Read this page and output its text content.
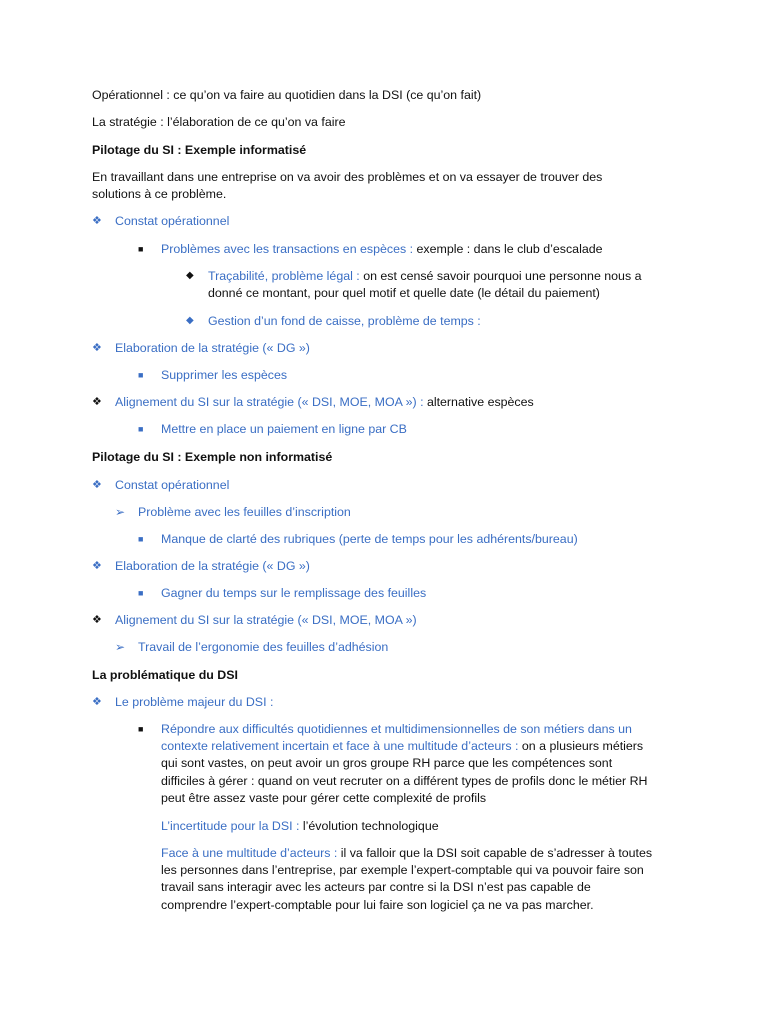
Opérationnel : ce qu’on va faire au quotidien dans la DSI (ce qu’on fait)
La stratégie : l’élaboration de ce qu’on va faire
Pilotage du SI : Exemple informatisé
En travaillant dans une entreprise on va avoir des problèmes et on va essayer de trouver des
solutions à ce problème.
❖ Constat opérationnel
■ Problèmes avec les transactions en espèces : exemple : dans le club d’escalade
◆ Traçabilité, problème légal : on est censé savoir pourquoi une personne nous a
donné ce montant, pour quel motif et quelle date (le détail du paiement)
◆ Gestion d’un fond de caisse, problème de temps :
❖ Elaboration de la stratégie (« DG »)
■ Supprimer les espèces
❖ Alignement du SI sur la stratégie (« DSI, MOE, MOA ») : alternative espèces
■ Mettre en place un paiement en ligne par CB
Pilotage du SI : Exemple non informatisé
❖ Constat opérationnel
➢ Problème avec les feuilles d’inscription
■ Manque de clarté des rubriques (perte de temps pour les adhérents/bureau)
❖ Elaboration de la stratégie (« DG »)
■ Gagner du temps sur le remplissage des feuilles
❖ Alignement du SI sur la stratégie (« DSI, MOE, MOA »)
➢ Travail de l’ergonomie des feuilles d’adhésion
La problématique du DSI
❖ Le problème majeur du DSI :
■ Répondre aux difficultés quotidiennes et multidimensionnelles de son métiers dans un
contexte relativement incertain et face à une multitude d’acteurs : on a plusieurs métiers
qui sont vastes, on peut avoir un gros groupe RH parce que les compétences sont
difficiles à gérer : quand on veut recruter on a différent types de profils donc le métier RH
peut être assez vaste pour gérer cette complexité de profils
L’incertitude pour la DSI : l’évolution technologique
Face à une multitude d’acteurs : il va falloir que la DSI soit capable de s’adresser à toutes
les personnes dans l’entreprise, par exemple l’expert-comptable qui va pouvoir faire son
travail sans interagir avec les acteurs par contre si la DSI n’est pas capable de
comprendre l’expert-comptable pour lui faire son logiciel ça ne va pas marcher.
